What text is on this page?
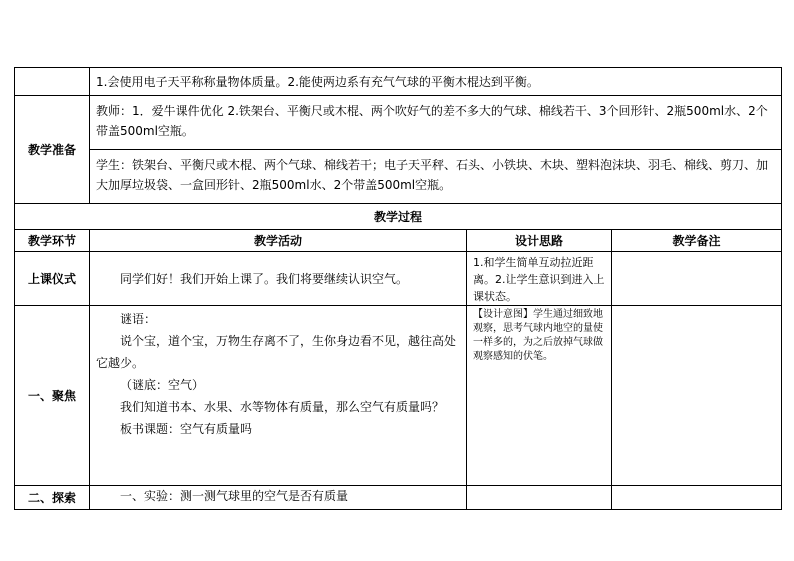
	1.会使用电子天平称称量物体质量。2.能使两边系有充气气球的平衡木棍达到平衡。		
教学准备	教师：1．爱牛课件优化 2.铁架台、平衡尺或木棍、两个吹好气的差不多大的气球、棉线若干、3个回形针、2瓶500ml水、2个带盖500ml空瓶。		
	学生：铁架台、平衡尺或木棍、两个气球、棉线若干；电子天平秤、石头、小铁块、木块、塑料泡沫块、羽毛、棉线、剪刀、加大加厚垃圾袋、一盒回形针、2瓶500ml水、2个带盖500ml空瓶。		
教学过程			
教学环节	教学活动	设计思路	教学备注
上课仪式	同学们好！我们开始上课了。我们将要继续认识空气。	1.和学生简单互动拉近距离。2.让学生意识到进入上课状态。	
一、聚焦	谜语：

说个宝，道个宝，万物生存离不了，生你身边看不见，越往高处它越少。

（谜底：空气）

我们知道书本、水果、水等物体有质量，那么空气有质量吗？

板书课题：空气有质量吗	【设计意图】学生通过细致地观察，思考气球内地空的量使一样多的，为之后放掉气球做观察感知的伏笔。	
二、探索	一、实验：测一测气球里的空气是否有质量		
